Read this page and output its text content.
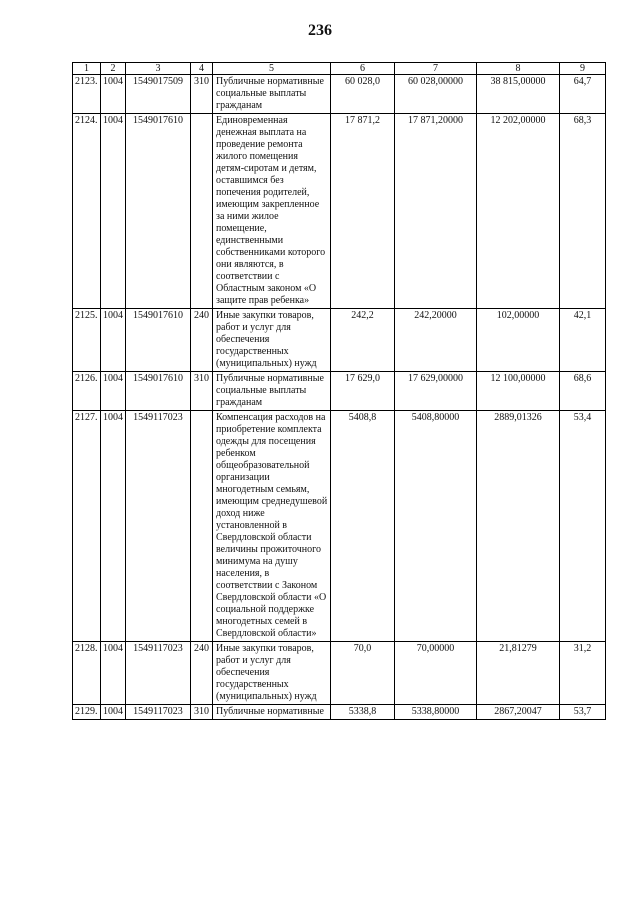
236
1	2	3	4	5	6	7	8	9
2123.	1004	1549017509	310	Публичные нормативные социальные выплаты гражданам	60 028,0	60 028,00000	38 815,00000	64,7
2124.	1004	1549017610		Единовременная денежная выплата на проведение ремонта жилого помещения детям-сиротам и детям, оставшимся без попечения родителей, имеющим закрепленное за ними жилое помещение, единственными собственниками которого они являются, в соответствии с Областным законом «О защите прав ребенка»	17 871,2	17 871,20000	12 202,00000	68,3
2125.	1004	1549017610	240	Иные закупки товаров, работ и услуг для обеспечения государственных (муниципальных) нужд	242,2	242,20000	102,00000	42,1
2126.	1004	1549017610	310	Публичные нормативные социальные выплаты гражданам	17 629,0	17 629,00000	12 100,00000	68,6
2127.	1004	1549117023		Компенсация расходов на приобретение комплекта одежды для посещения ребенком общеобразовательной организации многодетным семьям, имеющим среднедушевой доход ниже установленной в Свердловской области величины прожиточного минимума на душу населения, в соответствии с Законом Свердловской области «О социальной поддержке многодетных семей в Свердловской области»	5408,8	5408,80000	2889,01326	53,4
2128.	1004	1549117023	240	Иные закупки товаров, работ и услуг для обеспечения государственных (муниципальных) нужд	70,0	70,00000	21,81279	31,2
2129.	1004	1549117023	310	Публичные нормативные	5338,8	5338,80000	2867,20047	53,7
